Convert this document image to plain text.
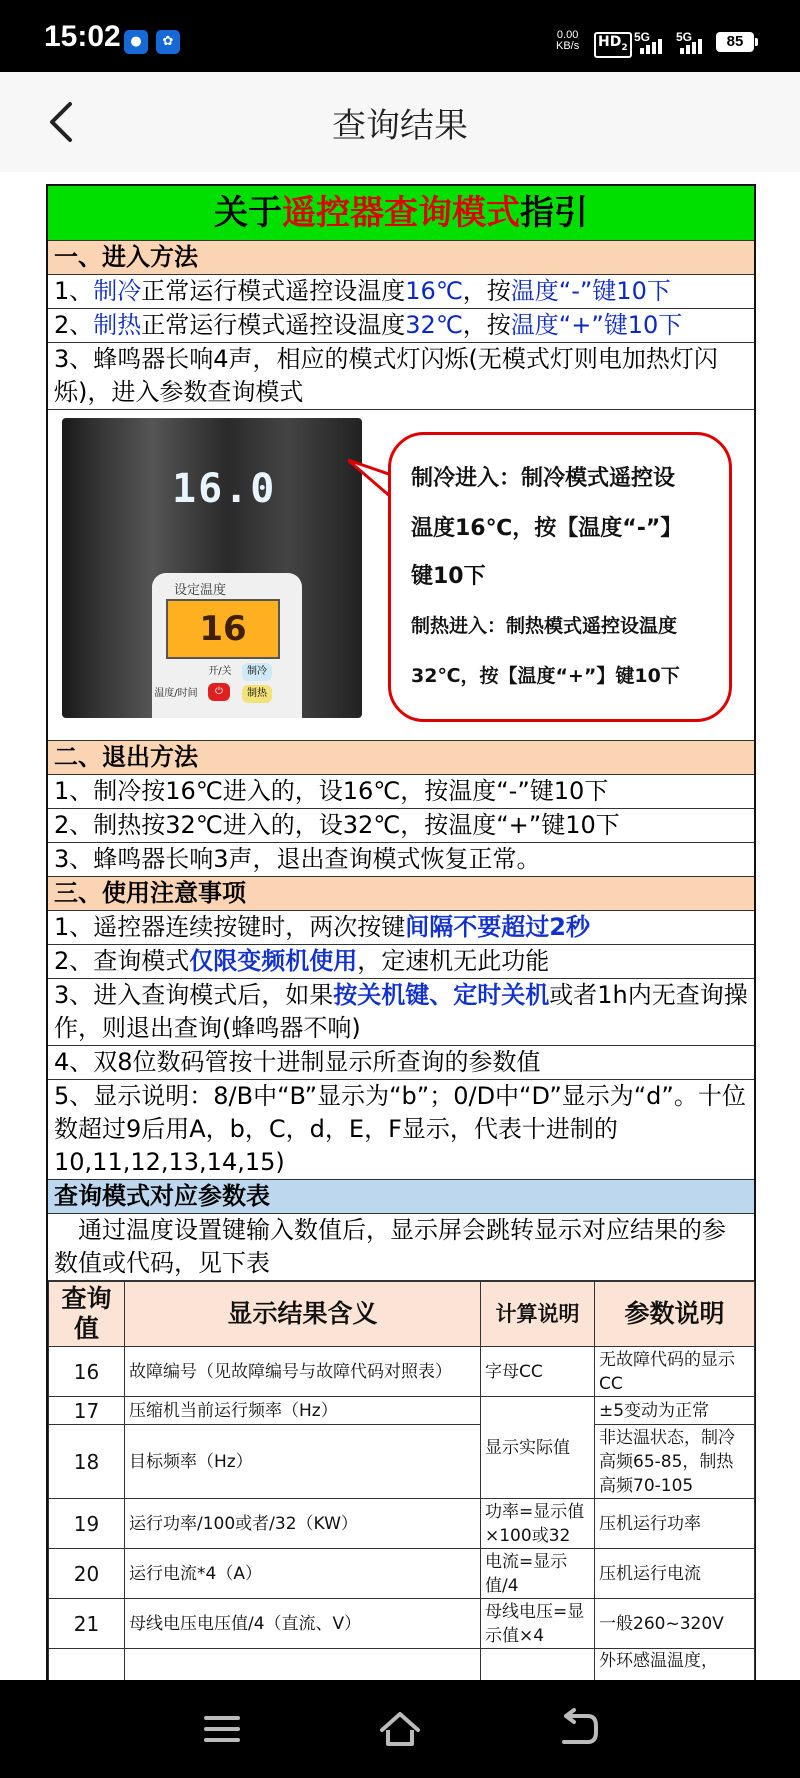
15:02 ●	✿	0.00
KB/s $HD_2$
5G 5G	85
查询结果
关于遥控器查询模式指引
一、进入方法
1、制冷正常运行模式遥控设温度16℃，按温度“-”键10下
2、制热正常运行模式遥控设温度32℃，按温度“+”键10下
3、蜂鸣器长响4声，相应的模式灯闪烁(无模式灯则电加热灯闪烁)，进入参数查询模式
16.0
设定温度
16
制冷
开/关
⏻	制热
温度/时间
制冷进入：制冷模式遥控设
温度16℃，按【温度“-”】
键10下
制热进入：制热模式遥控设温度
32℃，按【温度“+”】键10下
二、退出方法
1、制冷按16℃进入的，设16℃，按温度“-”键10下
2、制热按32℃进入的，设32℃，按温度“+”键10下
3、蜂鸣器长响3声，退出查询模式恢复正常。
三、使用注意事项
1、遥控器连续按键时，两次按键间隔不要超过2秒
2、查询模式仅限变频机使用，定速机无此功能
3、进入查询模式后，如果按关机键、定时关机或者1h内无查询操作，则退出查询(蜂鸣器不响)
4、双8位数码管按十进制显示所查询的参数值
5、显示说明：8/B中“B”显示为“b”；0/D中“D”显示为“d”。十位数超过9后用A，b，C，d，E，F显示，代表十进制的10,11,12,13,14,15)
查询模式对应参数表
通过温度设置键输入数值后，显示屏会跳转显示对应结果的参数值或代码，见下表
查询值	显示结果含义	计算说明	参数说明
16	故障编号（见故障编号与故障代码对照表）	字母CC	无故障代码的显示CC
17	压缩机当前运行频率（Hz）	显示实际值	±5变动为正常
18	目标频率（Hz）		非达温状态，制冷高频65-85，制热高频70-105
19	运行功率/100或者/32（KW）	功率=显示值×100或32	压机运行功率
20	运行电流*4（A）	电流=显示值/4	压机运行电流
21	母线电压电压值/4（直流、V）	母线电压=显示值×4	一般260~320V
			外环感温温度，
